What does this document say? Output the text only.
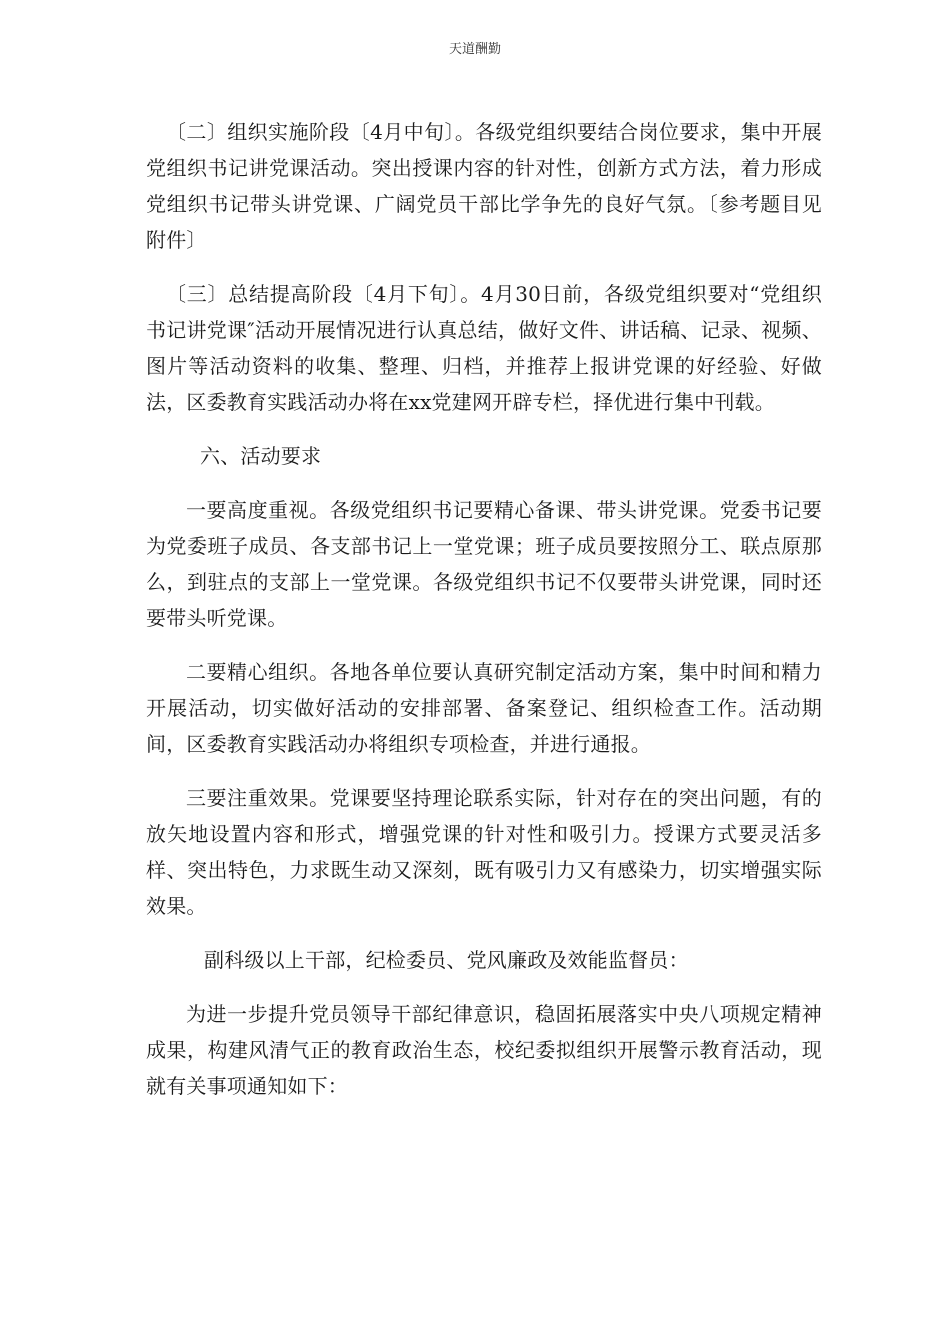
天道酬勤

〔二〕组织实施阶段〔4月中旬〕。各级党组织要结合岗位要求，集中开展党组织书记讲党课活动。突出授课内容的针对性，创新方式方法，着力形成党组织书记带头讲党课、广阔党员干部比学争先的良好气氛。〔参考题目见附件〕

〔三〕总结提高阶段〔4月下旬〕。4月30日前，各级党组织要对“党组织书记讲党课″活动开展情况进行认真总结，做好文件、讲话稿、记录、视频、图片等活动资料的收集、整理、归档，并推荐上报讲党课的好经验、好做法，区委教育实践活动办将在xx党建网开辟专栏，择优进行集中刊载。

六、活动要求

一要高度重视。各级党组织书记要精心备课、带头讲党课。党委书记要为党委班子成员、各支部书记上一堂党课；班子成员要按照分工、联点原那么，到驻点的支部上一堂党课。各级党组织书记不仅要带头讲党课，同时还要带头听党课。

二要精心组织。各地各单位要认真研究制定活动方案，集中时间和精力开展活动，切实做好活动的安排部署、备案登记、组织检查工作。活动期间，区委教育实践活动办将组织专项检查，并进行通报。

三要注重效果。党课要坚持理论联系实际，针对存在的突出问题，有的放矢地设置内容和形式，增强党课的针对性和吸引力。授课方式要灵活多样、突出特色，力求既生动又深刻，既有吸引力又有感染力，切实增强实际效果。

副科级以上干部，纪检委员、党风廉政及效能监督员：

为进一步提升党员领导干部纪律意识，稳固拓展落实中央八项规定精神成果，构建风清气正的教育政治生态，校纪委拟组织开展警示教育活动，现就有关事项通知如下：
